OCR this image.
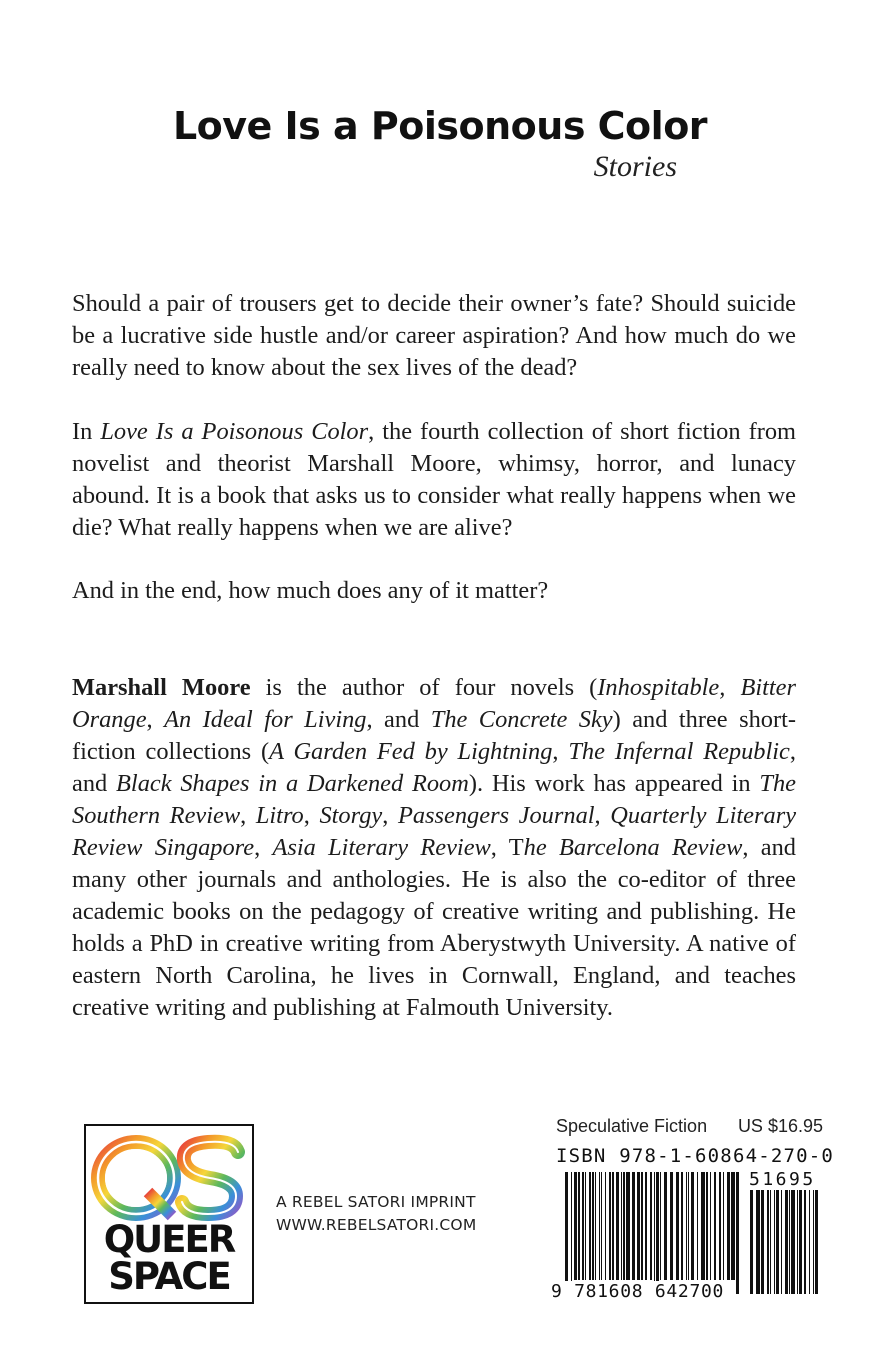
Love Is a Poisonous Color
Stories

Should a pair of trousers get to decide their owner’s fate? Should suicide be a lucrative side hustle and/or career aspiration? And how much do we really need to know about the sex lives of the dead?

In Love Is a Poisonous Color, the fourth collection of short fiction from novelist and theorist Marshall Moore, whimsy, horror, and lunacy abound. It is a book that asks us to consider what really happens when we die? What really happens when we are alive?

And in the end, how much does any of it matter?

Marshall Moore is the author of four novels (Inhospitable, Bitter Orange, An Ideal for Living, and The Concrete Sky) and three short-fiction collections (A Garden Fed by Lightning, The Infernal Republic, and Black Shapes in a Darkened Room). His work has appeared in The Southern Review, Litro, Storgy, Passengers Journal, Quarterly Literary Review Singapore, Asia Literary Review, The Barcelona Review, and many other journals and anthologies. He is also the co-editor of three academic books on the pedagogy of creative writing and publishing. He holds a PhD in creative writing from Aberystwyth University. A native of eastern North Carolina, he lives in Cornwall, England, and teaches creative writing and publishing at Falmouth University.

QS
QUEER
SPACE
A REBEL SATORI IMPRINT
WWW.REBELSATORI.COM
Speculative Fiction US $16.95
ISBN 978-1-60864-270-0
9 781608 642700
51695
